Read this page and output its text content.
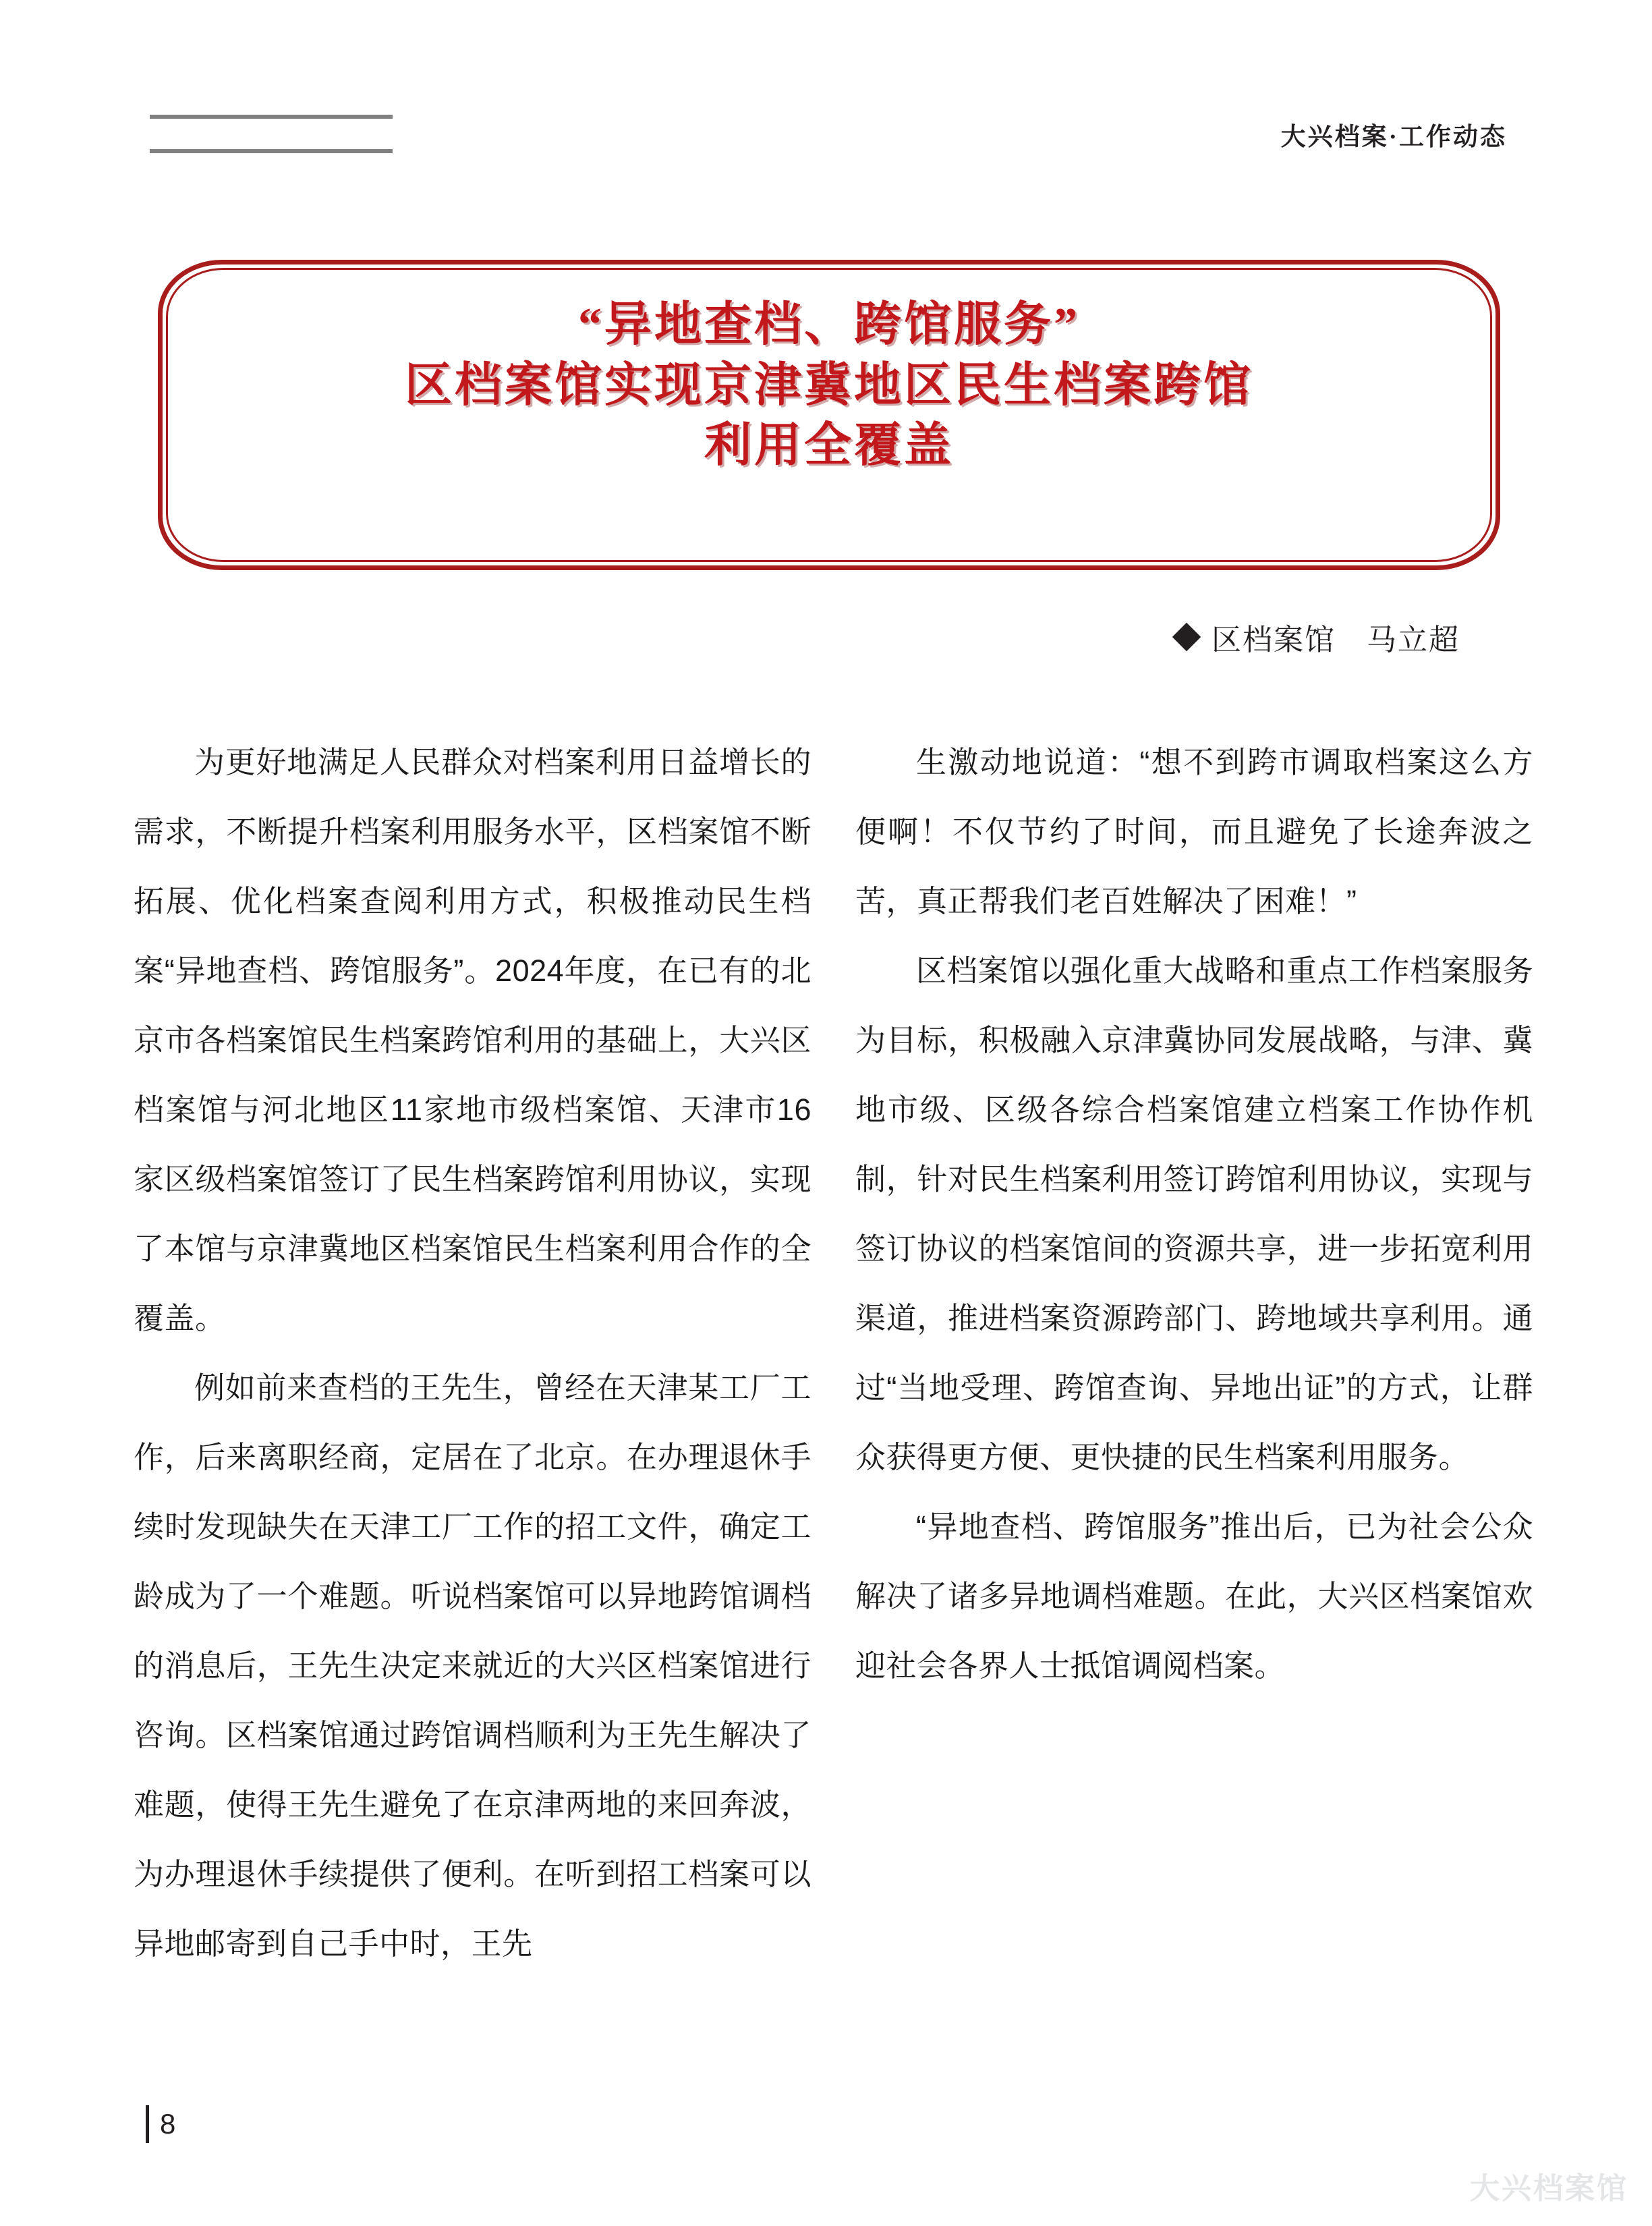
大兴档案·工作动态
“异地查档、跨馆服务”
区档案馆实现京津冀地区民生档案跨馆
利用全覆盖
区档案馆 马立超

为更好地满足人民群众对档案利用日益增长的需求，不断提升档案利用服务水平，区档案馆不断拓展、优化档案查阅利用方式，积极推动民生档案“异地查档、跨馆服务”。2024年度，在已有的北京市各档案馆民生档案跨馆利用的基础上，大兴区档案馆与河北地区11家地市级档案馆、天津市16家区级档案馆签订了民生档案跨馆利用协议，实现了本馆与京津冀地区档案馆民生档案利用合作的全覆盖。

例如前来查档的王先生，曾经在天津某工厂工作，后来离职经商，定居在了北京。在办理退休手续时发现缺失在天津工厂工作的招工文件，确定工龄成为了一个难题。听说档案馆可以异地跨馆调档的消息后，王先生决定来就近的大兴区档案馆进行咨询。区档案馆通过跨馆调档顺利为王先生解决了难题，使得王先生避免了在京津两地的来回奔波，为办理退休手续提供了便利。在听到招工档案可以异地邮寄到自己手中时，王先

生激动地说道：“想不到跨市调取档案这么方便啊！不仅节约了时间，而且避免了长途奔波之苦，真正帮我们老百姓解决了困难！”

区档案馆以强化重大战略和重点工作档案服务为目标，积极融入京津冀协同发展战略，与津、冀地市级、区级各综合档案馆建立档案工作协作机制，针对民生档案利用签订跨馆利用协议，实现与签订协议的档案馆间的资源共享，进一步拓宽利用渠道，推进档案资源跨部门、跨地域共享利用。通过“当地受理、跨馆查询、异地出证”的方式，让群众获得更方便、更快捷的民生档案利用服务。

“异地查档、跨馆服务”推出后，已为社会公众解决了诸多异地调档难题。在此，大兴区档案馆欢迎社会各界人士抵馆调阅档案。

8
大兴档案馆
